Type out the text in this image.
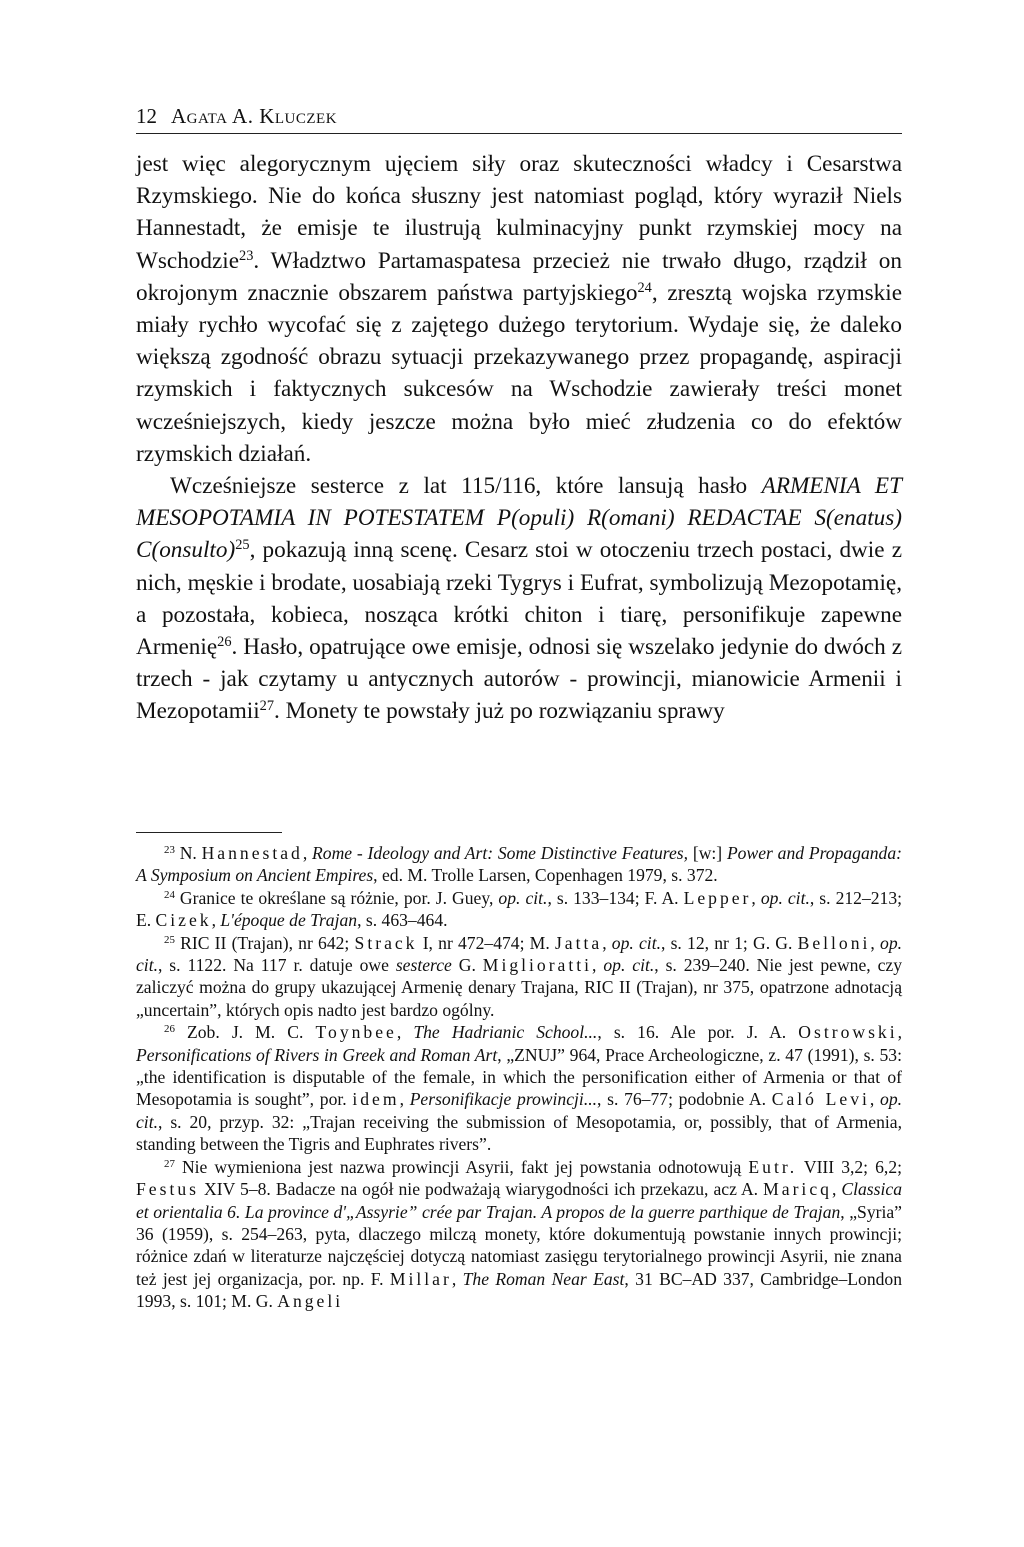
12 Agata A. Kluczek

jest więc alegorycznym ujęciem siły oraz skuteczności władcy i Cesarstwa Rzymskiego. Nie do końca słuszny jest natomiast pogląd, który wyraził Niels Hannestadt, że emisje te ilustrują kulminacyjny punkt rzymskiej mocy na Wschodzie$^{23}$. Władztwo Partamaspatesa przecież nie trwało długo, rządził on okrojonym znacznie obszarem państwa partyjskiego$^{24}$, zresztą wojska rzymskie miały rychło wycofać się z zajętego dużego terytorium. Wydaje się, że daleko większą zgodność obrazu sytuacji przekazywanego przez propagandę, aspiracji rzymskich i faktycznych sukcesów na Wschodzie zawierały treści monet wcześniejszych, kiedy jeszcze można było mieć złudzenia co do efektów rzymskich działań.

Wcześniejsze sesterce z lat 115/116, które lansują hasło ARMENIA ET MESOPOTAMIA IN POTESTATEM P(opuli) R(omani) REDACTAE S(enatus) C(onsulto)$^{25}$, pokazują inną scenę. Cesarz stoi w otoczeniu trzech postaci, dwie z nich, męskie i brodate, uosabiają rzeki Tygrys i Eufrat, symbolizują Mezopotamię, a pozostała, kobieca, nosząca krótki chiton i tiarę, personifikuje zapewne Armenię$^{26}$. Hasło, opatrujące owe emisje, odnosi się wszelako jedynie do dwóch z trzech - jak czytamy u antycznych autorów - prowincji, mianowicie Armenii i Mezopotamii$^{27}$. Monety te powstały już po rozwiązaniu sprawy

$^{23}$ N. Hannestad, Rome - Ideology and Art: Some Distinctive Features, [w:] Power and Propaganda: A Symposium on Ancient Empires, ed. M. Trolle Larsen, Copenhagen 1979, s. 372.

$^{24}$ Granice te określane są różnie, por. J. Guey, op. cit., s. 133–134; F. A. Lepper, op. cit., s. 212–213; E. Cizek, L'époque de Trajan, s. 463–464.

$^{25}$ RIC II (Trajan), nr 642; Strack I, nr 472–474; M. Jatta, op. cit., s. 12, nr 1; G. G. Belloni, op. cit., s. 1122. Na 117 r. datuje owe sesterce G. Miglioratti, op. cit., s. 239–240. Nie jest pewne, czy zaliczyć można do grupy ukazującej Armenię denary Trajana, RIC II (Trajan), nr 375, opatrzone adnotacją „uncertain”, których opis nadto jest bardzo ogólny.

$^{26}$ Zob. J. M. C. Toynbee, The Hadrianic School..., s. 16. Ale por. J. A. Ostrowski, Personifications of Rivers in Greek and Roman Art, „ZNUJ” 964, Prace Archeologiczne, z. 47 (1991), s. 53: „the identification is disputable of the female, in which the personification either of Armenia or that of Mesopotamia is sought”, por. idem, Personifikacje prowincji..., s. 76–77; podobnie A. Caló Levi, op. cit., s. 20, przyp. 32: „Trajan receiving the submission of Mesopotamia, or, possibly, that of Armenia, standing between the Tigris and Euphrates rivers”.

$^{27}$ Nie wymieniona jest nazwa prowincji Asyrii, fakt jej powstania odnotowują Eutr. VIII 3,2; 6,2; Festus XIV 5–8. Badacze na ogół nie podważają wiarygodności ich przekazu, acz A. Maricq, Classica et orientalia 6. La province d'„Assyrie” crée par Trajan. A propos de la guerre parthique de Trajan, „Syria” 36 (1959), s. 254–263, pyta, dlaczego milczą monety, które dokumentują powstanie innych prowincji; różnice zdań w literaturze najczęściej dotyczą natomiast zasięgu terytorialnego prowincji Asyrii, nie znana też jest jej organizacja, por. np. F. Millar, The Roman Near East, 31 BC–AD 337, Cambridge–London 1993, s. 101; M. G. Angeli
